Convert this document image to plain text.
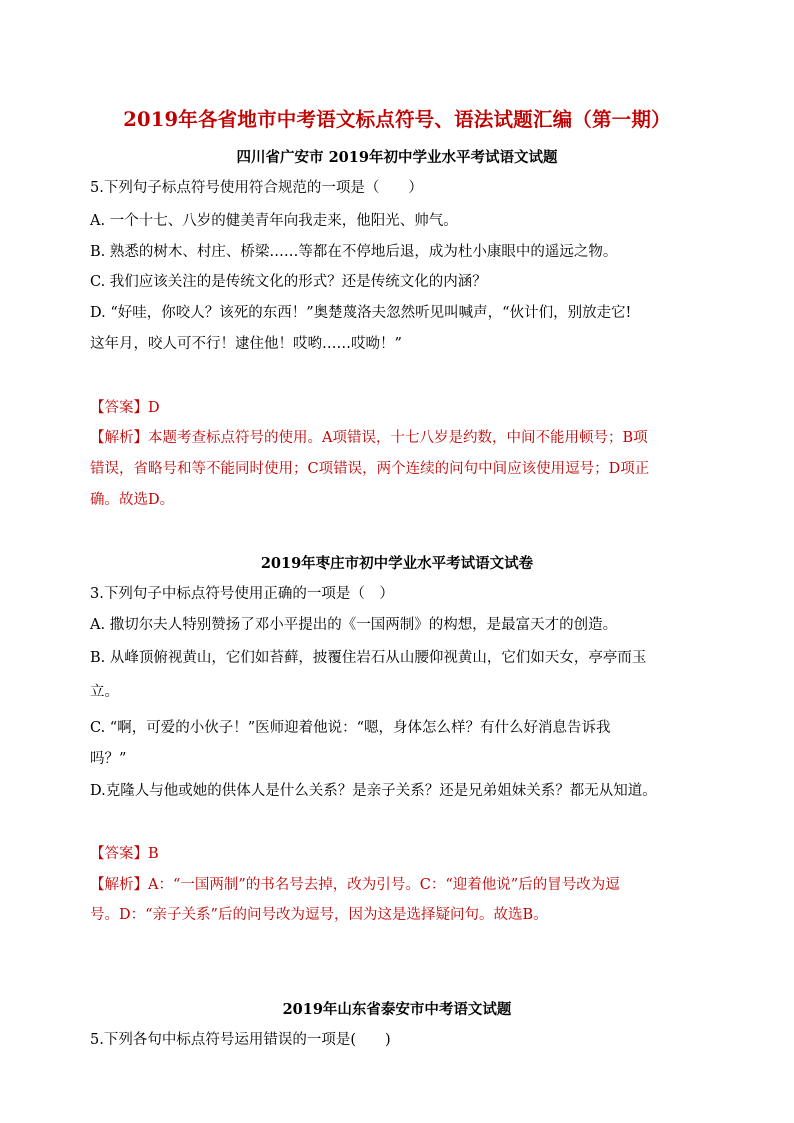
2019年各省地市中考语文标点符号、语法试题汇编（第一期）
四川省广安市 2019年初中学业水平考试语文试题
5.下列句子标点符号使用符合规范的一项是（　　）
A. 一个十七、八岁的健美青年向我走来，他阳光、帅气。
B. 熟悉的树木、村庄、桥梁……等都在不停地后退，成为杜小康眼中的遥远之物。
C. 我们应该关注的是传统文化的形式？还是传统文化的内涵？
D. “好哇，你咬人？该死的东西！”奥楚蔑洛夫忽然听见叫喊声，“伙计们，别放走它!
这年月，咬人可不行！逮住他！哎哟……哎呦！”
【答案】D
【解析】本题考查标点符号的使用。A项错误，十七八岁是约数，中间不能用顿号；B项
错误，省略号和等不能同时使用；C项错误，两个连续的问句中间应该使用逗号；D项正
确。故选D。
2019年枣庄市初中学业水平考试语文试卷
3.下列句子中标点符号使用正确的一项是（　）
A. 撒切尔夫人特别赞扬了邓小平提出的《一国两制》的构想，是最富天才的创造。
B. 从峰顶俯视黄山，它们如苔藓，披覆住岩石从山腰仰视黄山，它们如天女，亭亭而玉
立。
C. “啊，可爱的小伙子！”医师迎着他说：“嗯，身体怎么样？有什么好消息告诉我
吗？”
D.克隆人与他或她的供体人是什么关系？是亲子关系？还是兄弟姐妹关系？都无从知道。
【答案】B
【解析】A：“一国两制”的书名号去掉，改为引号。C：“迎着他说”后的冒号改为逗
号。D：“亲子关系”后的问号改为逗号，因为这是选择疑问句。故选B。
2019年山东省泰安市中考语文试题
5.下列各句中标点符号运用错误的一项是(　　)
